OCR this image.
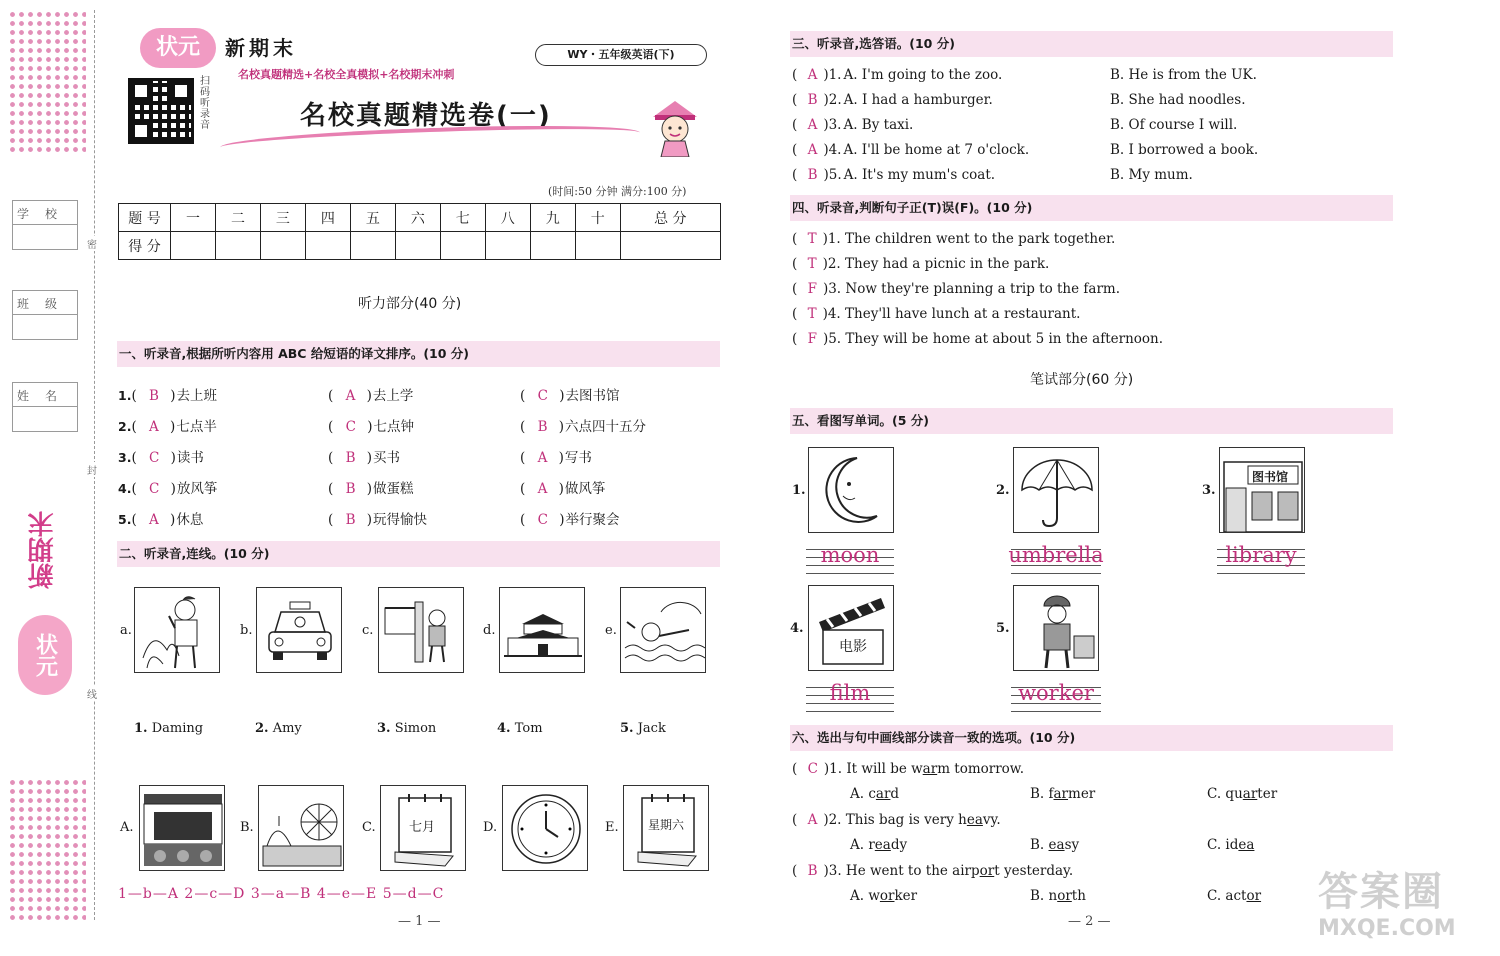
学校
班级
姓名
密
封
线
新期末
状元
状元	新期末
名校真题精选+名校全真模拟+名校期末冲刺
WY・五年级英语(下)
扫码听录音	名校真题精选卷(一)
(时间:50 分钟 满分:100 分)
题 号	一	二	三	四	五	六	七	八	九	十	总 分
得 分											
听力部分(40 分)
一、听录音,根据所听内容用 ABC 给短语的译文排序。(10 分)
二、听录音,连线。(10 分)
a.	b.	c.	d.	e.
1. Daming	2. Amy	3. Simon	4. Tom	5. Jack
A.	B.	C.	七月	D.	E. 星期六
1—b—A 2—c—D 3—a—B 4—e—E 5—d—C
— 1 —
三、听录音,选答语。(10 分)
四、听录音,判断句子正(T)误(F)。(10 分)
笔试部分(60 分)
五、看图写单词。(5 分)
1.
moon
2.
umbrella
3.
图书馆
library
4.
电影
film
5.
worker
六、选出与句中画线部分读音一致的选项。(10 分)
— 2 —
答案圈
MXQE.COM
1.( B )去上班	( A )去上学	( C )去图书馆
2.( A )七点半	( C )七点钟	( B )六点四十五分
3.( C )读书	( B )买书	( A )写书
4.( C )放风筝	( B )做蛋糕	( A )做风筝
5.( A )休息	( B )玩得愉快	( C )举行聚会
( A )1. A. I'm going to the zoo.	B. He is from the UK.
( B )2. A. I had a hamburger.	B. She had noodles.
( A )3. A. By taxi.	B. Of course I will.
( A )4. A. I'll be home at 7 o'clock.	B. I borrowed a book.
( B )5. A. It's my mum's coat.	B. My mum.
( T )1. The children went to the park together.
( T )2. They had a picnic in the park.
( F )3. Now they're planning a trip to the farm.
( T )4. They'll have lunch at a restaurant.
( F )5. They will be home at about 5 in the afternoon.
( C )1. It will be warm tomorrow.
A. card	B. farmer	C. quarter
( A )2. This bag is very heavy.
A. ready	B. easy	C. idea
( B )3. He went to the airport yesterday.
A. worker	B. north	C. actor
